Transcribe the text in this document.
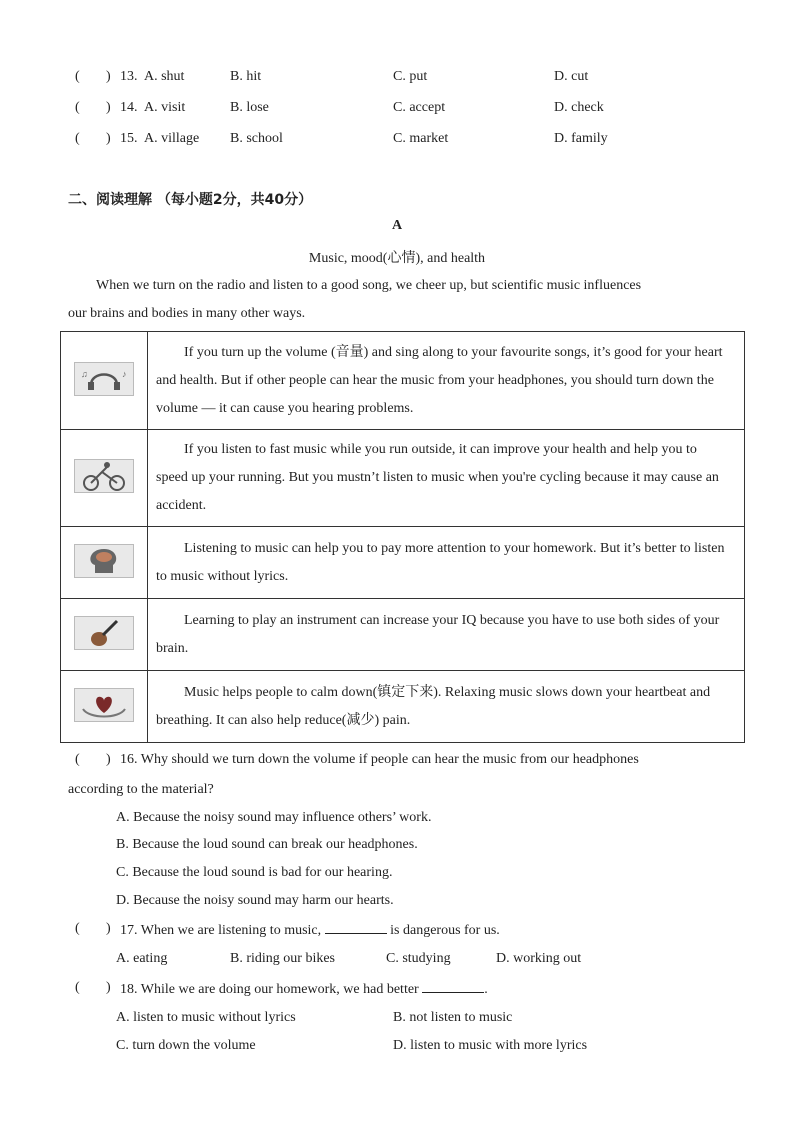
( ) 13. A. shut	B. hit	C. put	D. cut
( ) 14. A. visit	B. lose	C. accept	D. check
( ) 15. A. village B. school	C. market	D. family
二、阅读理解 （每小题2分，共40分）
A
Music, mood(心情), and health
When we turn on the radio and listen to a good song, we cheer up, but scientific music influences
our brains and bodies in many other ways.
♪
♫	If you turn up the volume (音量) and sing along to your favourite songs, it’s good for your heart and health. But if other people can hear the music from your headphones, you should turn down the volume — it can cause you hearing problems.
	If you listen to fast music while you run outside, it can improve your health and help you to speed up your running. But you mustn’t listen to music when you're cycling because it may cause an accident.
	Listening to music can help you to pay more attention to your homework. But it’s better to listen to music without lyrics.
	Learning to play an instrument can increase your IQ because you have to use both sides of your brain.
	Music helps people to calm down(镇定下来). Relaxing music slows down your heartbeat and breathing. It can also help reduce(减少) pain.
( ) 16. Why should we turn down the volume if people can hear the music from our headphones
according to the material?
A. Because the noisy sound may influence others’ work.
B. Because the loud sound can break our headphones.
C. Because the loud sound is bad for our hearing.
D. Because the noisy sound may harm our hearts.
( ) 17. When we are listening to music,	is dangerous for us.
A. eating	B. riding our bikes	C. studying	D. working out
( ) 18. While we are doing our homework, we had better	.
A. listen to music without lyrics	B. not listen to music
C. turn down the volume	D. listen to music with more lyrics
